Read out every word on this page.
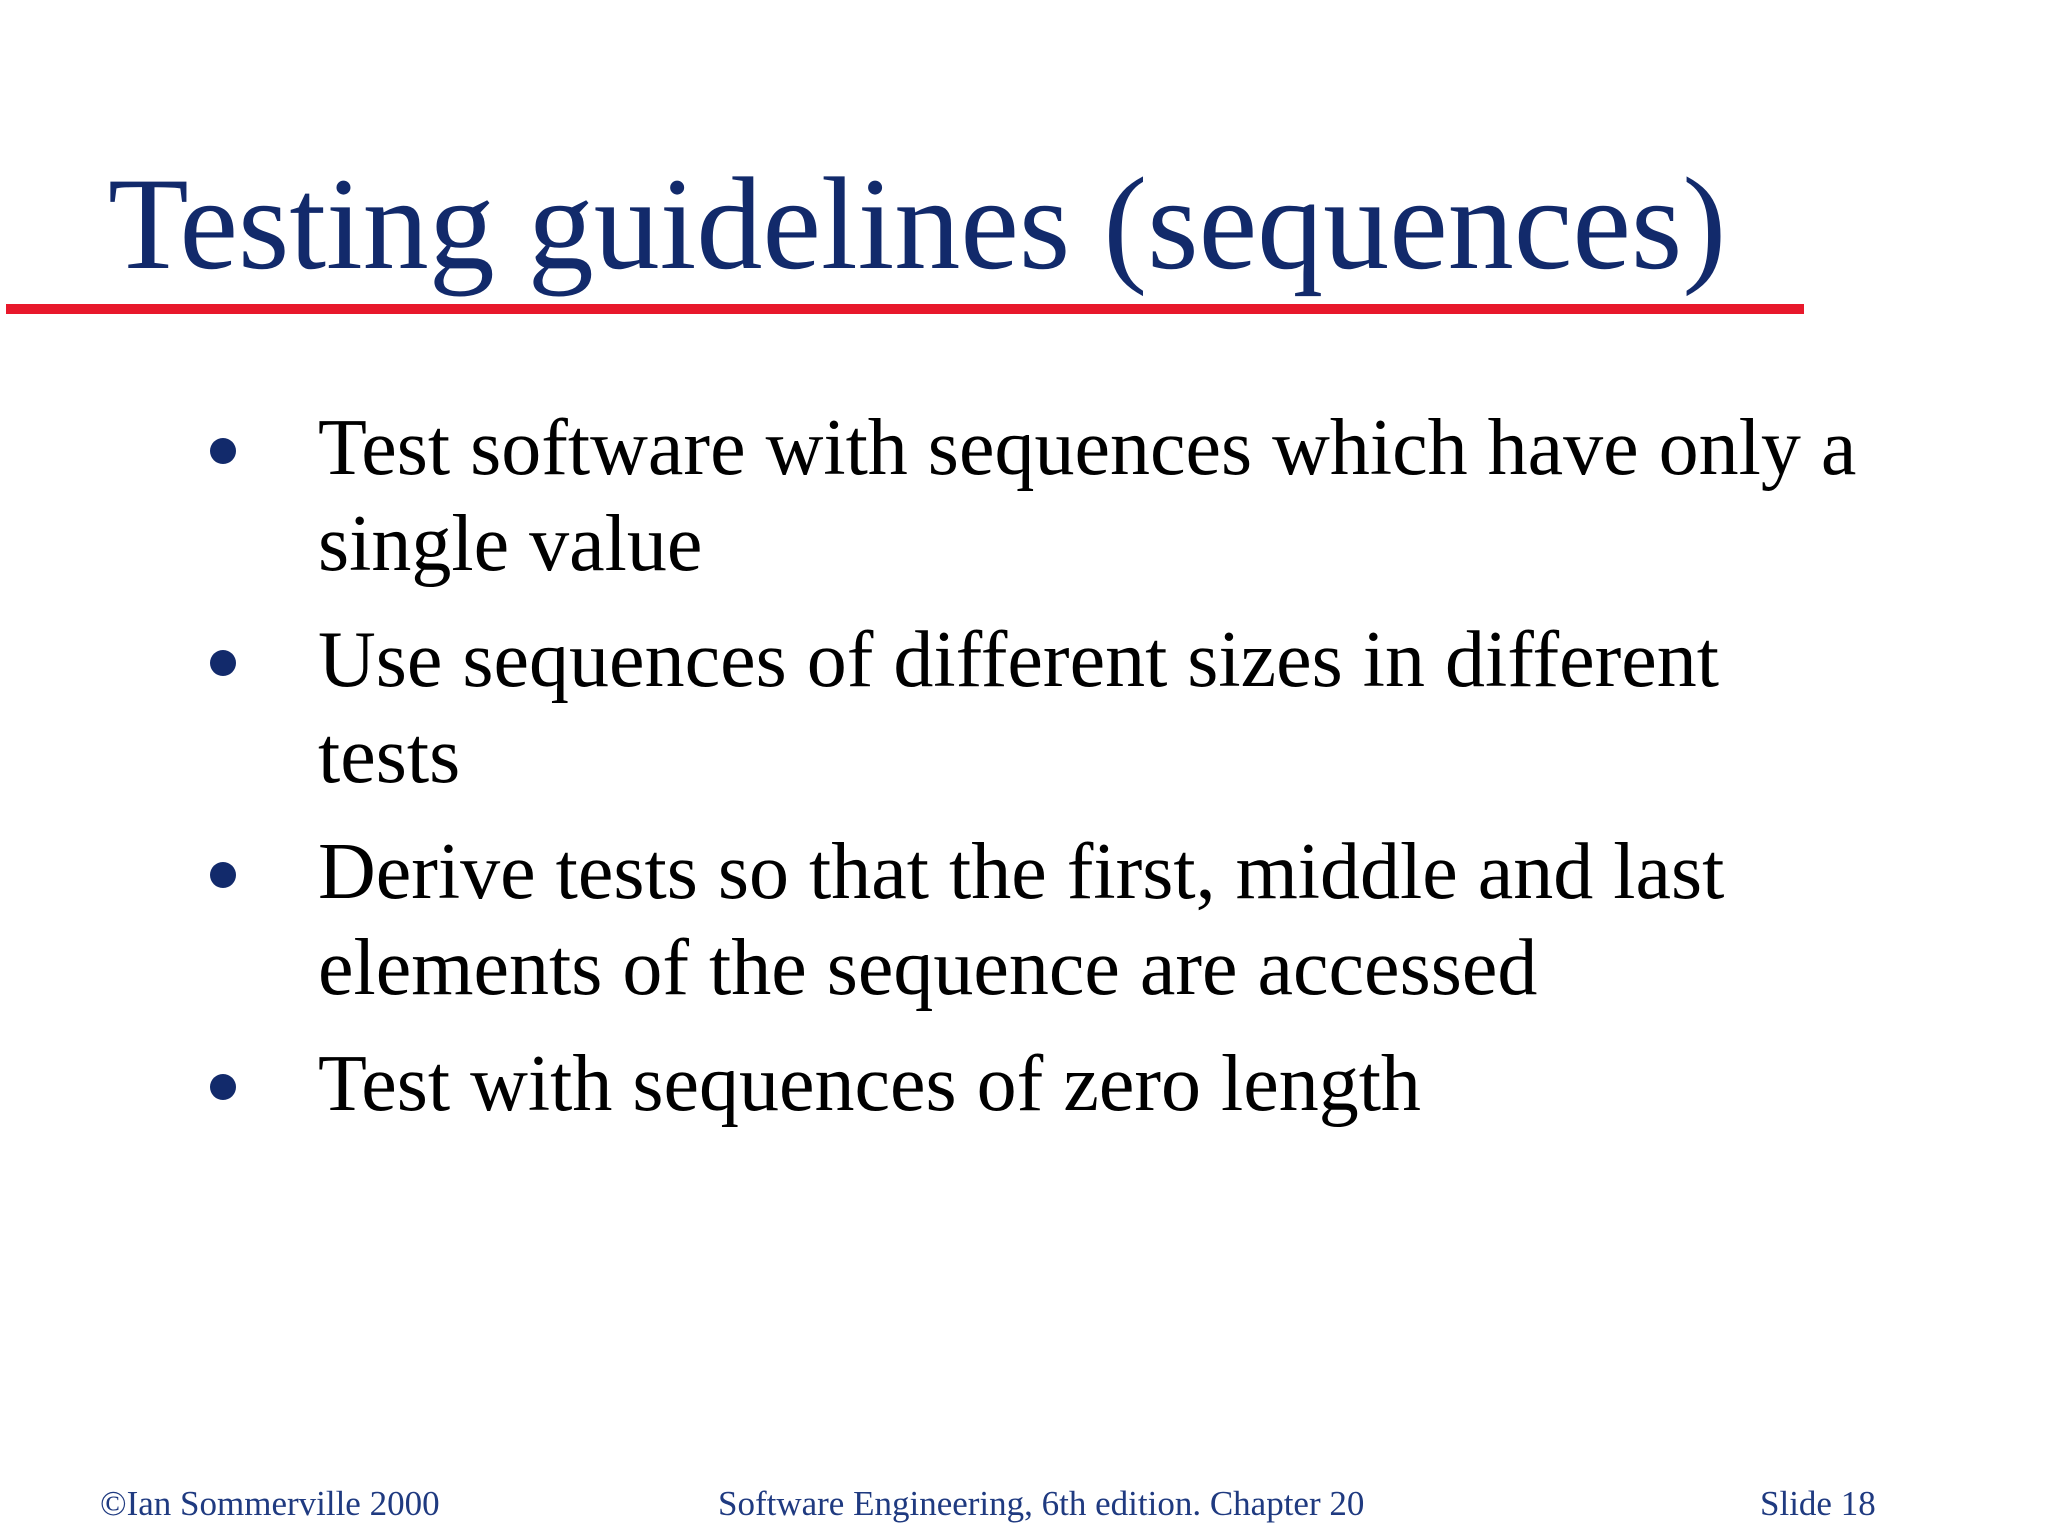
Testing guidelines (sequences)
Test software with sequences which have only a single value
Use sequences of different sizes in different tests
Derive tests so that the first, middle and last elements of the sequence are accessed
Test with sequences of zero length
©Ian Sommerville 2000	Software Engineering, 6th edition. Chapter 20	Slide 18
